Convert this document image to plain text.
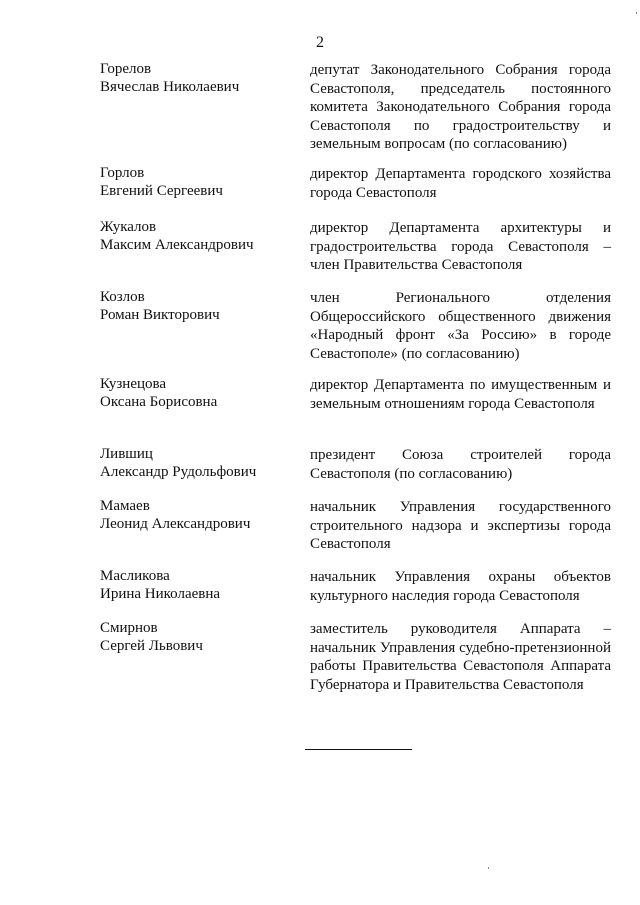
2
Горелов
Вячеслав Николаевич
депутат Законодательного Собрания города Севастополя, председатель постоянного комитета Законодательного Собрания города Севастополя по градостроительству и земельным вопросам (по согласованию)
Горлов
Евгений Сергеевич
директор Департамента городского хозяйства города Севастополя
Жукалов
Максим Александрович
директор Департамента архитектуры и градостроительства города Севастополя – член Правительства Севастополя
Козлов
Роман Викторович
член Регионального отделения Общероссийского общественного движения «Народный фронт «За Россию» в городе Севастополе» (по согласованию)
Кузнецова
Оксана Борисовна
директор Департамента по имущественным и земельным отношениям города Севастополя
Лившиц
Александр Рудольфович
президент Союза строителей города Севастополя (по согласованию)
Мамаев
Леонид Александрович
начальник Управления государственного строительного надзора и экспертизы города Севастополя
Масликова
Ирина Николаевна
начальник Управления охраны объектов культурного наследия города Севастополя
Смирнов
Сергей Львович
заместитель руководителя Аппарата – начальник Управления судебно-претензионной работы Правительства Севастополя Аппарата Губернатора и Правительства Севастополя
